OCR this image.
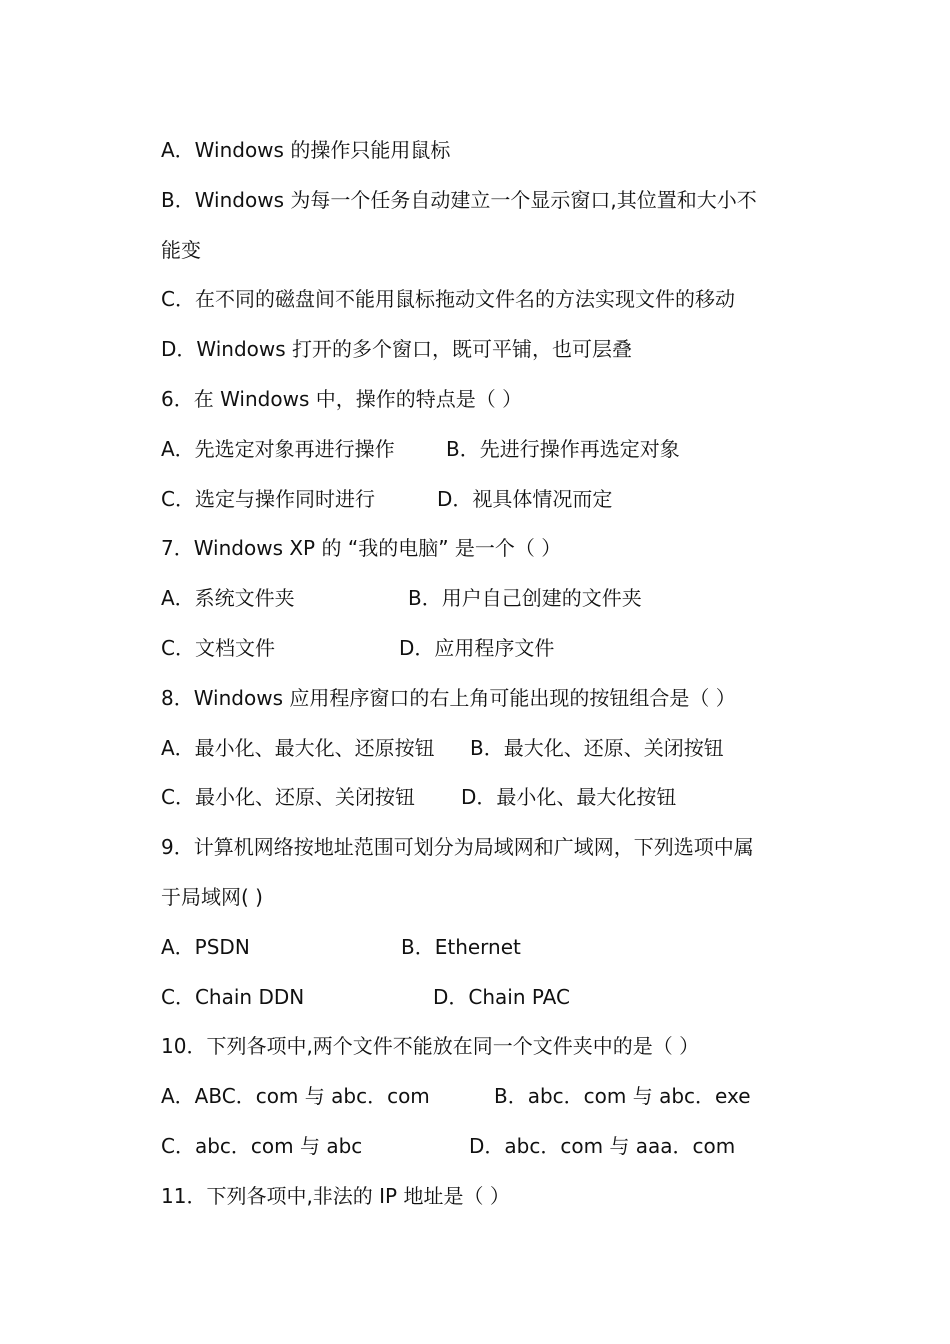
A．Windows 的操作只能用鼠标
B．Windows 为每一个任务自动建立一个显示窗口,其位置和大小不
能变
C．在不同的磁盘间不能用鼠标拖动文件名的方法实现文件的移动
D．Windows 打开的多个窗口，既可平铺，也可层叠
6．在 Windows 中，操作的特点是（ ）
A．先选定对象再进行操作	B．先进行操作再选定对象
C．选定与操作同时进行	D．视具体情况而定
7．Windows XP 的 “我的电脑” 是一个（ ）
A．系统文件夹	B．用户自己创建的文件夹
C．文档文件	D．应用程序文件
8．Windows 应用程序窗口的右上角可能出现的按钮组合是（ ）
A．最小化、最大化、还原按钮 B．最大化、还原、关闭按钮
C．最小化、还原、关闭按钮 D．最小化、最大化按钮
9．计算机网络按地址范围可划分为局域网和广域网，下列选项中属
于局域网( )
A．PSDN	B．Ethernet
C．Chain DDN	D．Chain PAC
10．下列各项中,两个文件不能放在同一个文件夹中的是（ ）
A．ABC．com 与 abc．com	B．abc．com 与 abc．exe
C．abc．com 与 abc	D．abc．com 与 aaa．com
11．下列各项中,非法的 IP 地址是（ ）
